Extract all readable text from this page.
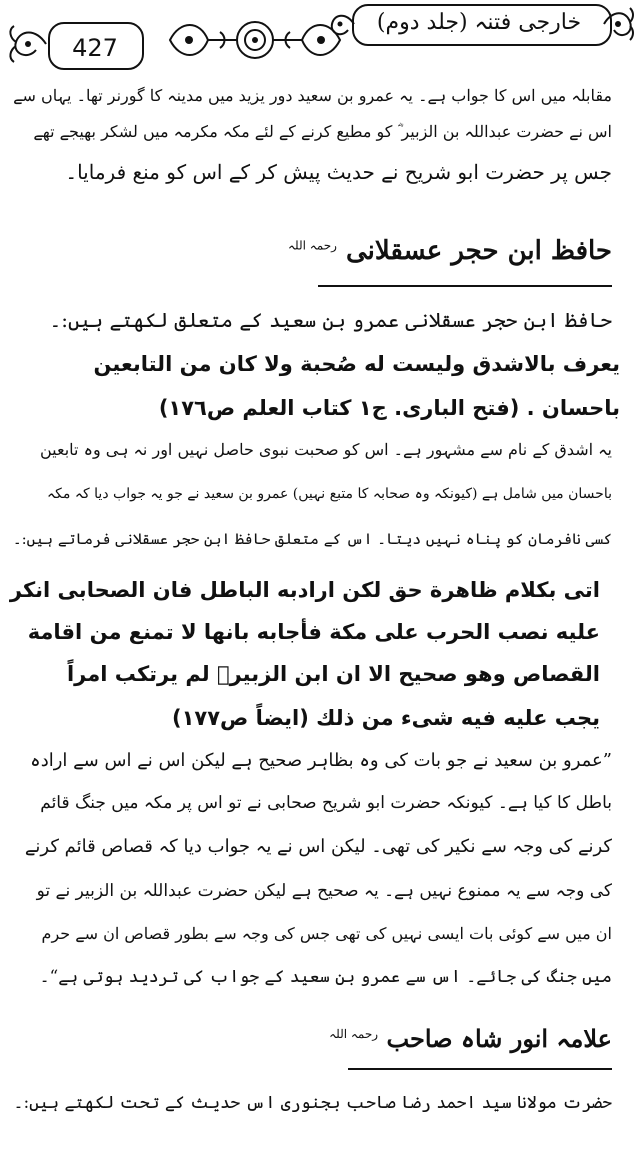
427
خارجی فتنہ (جلد دوم)
مقابلہ میں اس کا جواب ہے۔ یہ عمرو بن سعید دور یزید میں مدینہ کا گورنر تھا۔ یہاں سے
اس نے حضرت عبداللہ بن الزبیر ؓ کو مطیع کرنے کے لئے مکہ مکرمہ میں لشکر بھیجے تھے
جس پر حضرت ابو شریح نے حدیث پیش کر کے اس کو منع فرمایا۔
حافظ ابن حجر عسقلانی $^{رحمہ اللہ}$
حافظ ابن حجر عسقلانی عمرو بن سعید کے متعلق لکھتے ہیں:۔
يعرف بالاشدق وليست له صُحبة ولا كان من التابعين
باحسان . (فتح البارى. ج١ كتاب العلم ص١٧٦)
یہ اشدق کے نام سے مشہور ہے۔ اس کو صحبت نبوی حاصل نہیں اور نہ ہی وہ تابعین
باحسان میں شامل ہے (کیونکہ وہ صحابہ کا متبع نہیں) عمرو بن سعید نے جو یہ جواب دیا کہ مکہ
کسی نافرمان کو پناہ نہیں دیتا۔ اس کے متعلق حافظ ابن حجر عسقلانی فرماتے ہیں:۔
اتی بکلام ظاهرة حق لکن ارادبه الباطل فان الصحابی انکر
عليه نصب الحرب على مكة فأجابه بانها لا تمنع من اقامة
القصاص وهو صحيح الا ان ابن الزبيرؓ لم يرتكب امراً
يجب عليه فيه شیء من ذلك (ايضاً ص١٧٧)
”عمرو بن سعید نے جو بات کی وہ بظاہر صحیح ہے لیکن اس نے اس سے ارادہ
باطل کا کیا ہے۔ کیونکہ حضرت ابو شریح صحابی نے تو اس پر مکہ میں جنگ قائم
کرنے کی وجہ سے نکیر کی تھی۔ لیکن اس نے یہ جواب دیا کہ قصاص قائم کرنے
کی وجہ سے یہ ممنوع نہیں ہے۔ یہ صحیح ہے لیکن حضرت عبداللہ بن الزبیر نے تو
ان میں سے کوئی بات ایسی نہیں کی تھی جس کی وجہ سے بطور قصاص ان سے حرم
میں جنگ کی جائے۔ اس سے عمرو بن سعید کے جواب کی تردید ہوتی ہے“۔
علامہ انور شاہ صاحب $^{رحمہ اللہ}$
حضرت مولانا سید احمد رضا صاحب بجنوری اس حدیث کے تحت لکھتے ہیں:۔
